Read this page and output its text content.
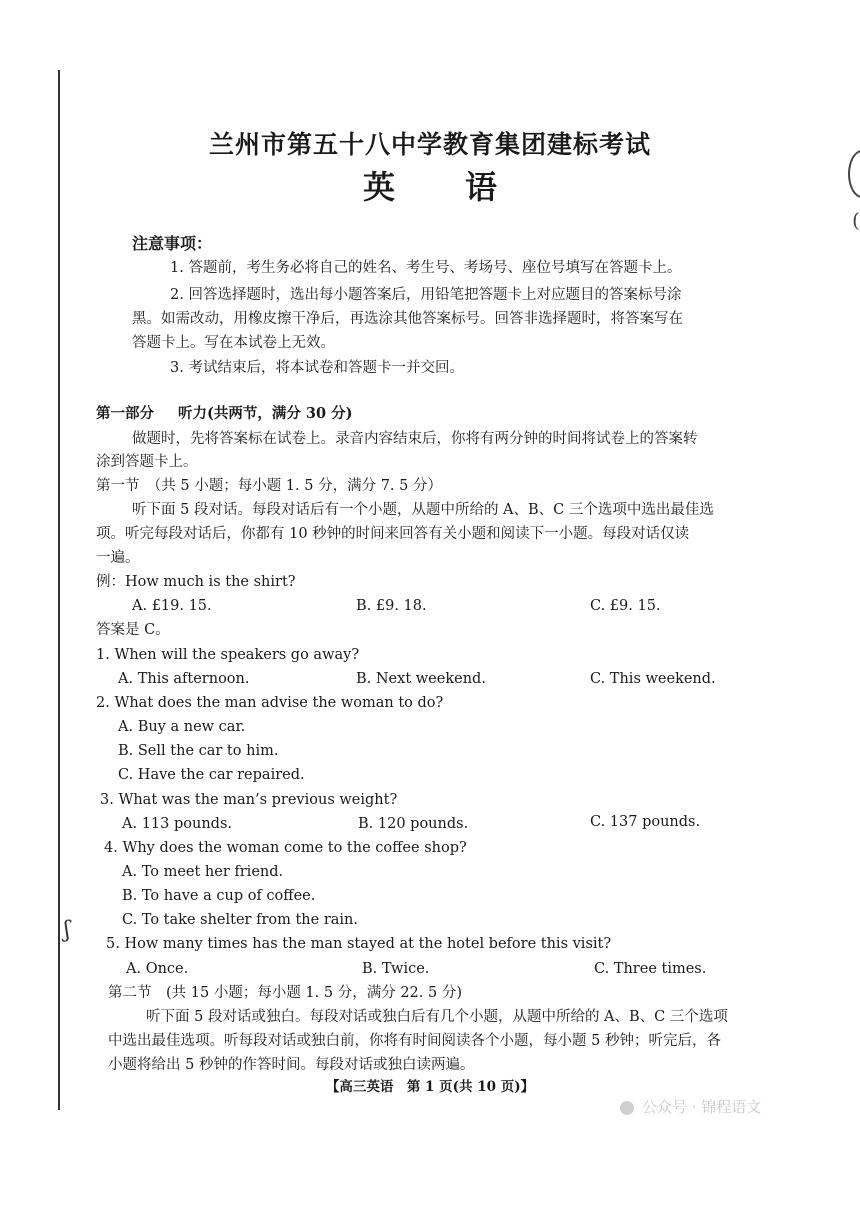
(
ʃ
兰州市第五十八中学教育集团建标考试
英语
注意事项：
1. 答题前，考生务必将自己的姓名、考生号、考场号、座位号填写在答题卡上。
2. 回答选择题时，选出每小题答案后，用铅笔把答题卡上对应题目的答案标号涂
黑。如需改动，用橡皮擦干净后，再选涂其他答案标号。回答非选择题时，将答案写在
答题卡上。写在本试卷上无效。
3. 考试结束后，将本试卷和答题卡一并交回。
第一部分 听力(共两节，满分 30 分)
做题时，先将答案标在试卷上。录音内容结束后，你将有两分钟的时间将试卷上的答案转
涂到答题卡上。
第一节　（共 5 小题；每小题 1. 5 分，满分 7. 5 分）
听下面 5 段对话。每段对话后有一个小题，从题中所给的 A、B、C 三个选项中选出最佳选
项。听完每段对话后，你都有 10 秒钟的时间来回答有关小题和阅读下一小题。每段对话仅读
一遍。
例：How much is the shirt?
A. £19. 15.	B. £9. 18.	C. £9. 15.
答案是 C。
1. When will the speakers go away?
A. This afternoon.	B. Next weekend.	C. This weekend.
2. What does the man advise the woman to do?
A. Buy a new car.
B. Sell the car to him.
C. Have the car repaired.
3. What was the man’s previous weight?
A. 113 pounds.	B. 120 pounds.	C. 137 pounds.
4. Why does the woman come to the coffee shop?
A. To meet her friend.
B. To have a cup of coffee.
C. To take shelter from the rain.
5. How many times has the man stayed at the hotel before this visit?
A. Once.	B. Twice.	C. Three times.
第二节　(共 15 小题；每小题 1. 5 分，满分 22. 5 分)
听下面 5 段对话或独白。每段对话或独白后有几个小题，从题中所给的 A、B、C 三个选项
中选出最佳选项。听每段对话或独白前，你将有时间阅读各个小题，每小题 5 秒钟；听完后，各
小题将给出 5 秒钟的作答时间。每段对话或独白读两遍。
【高三英语　第 1 页(共 10 页)】
公众号 · 锦程语文
